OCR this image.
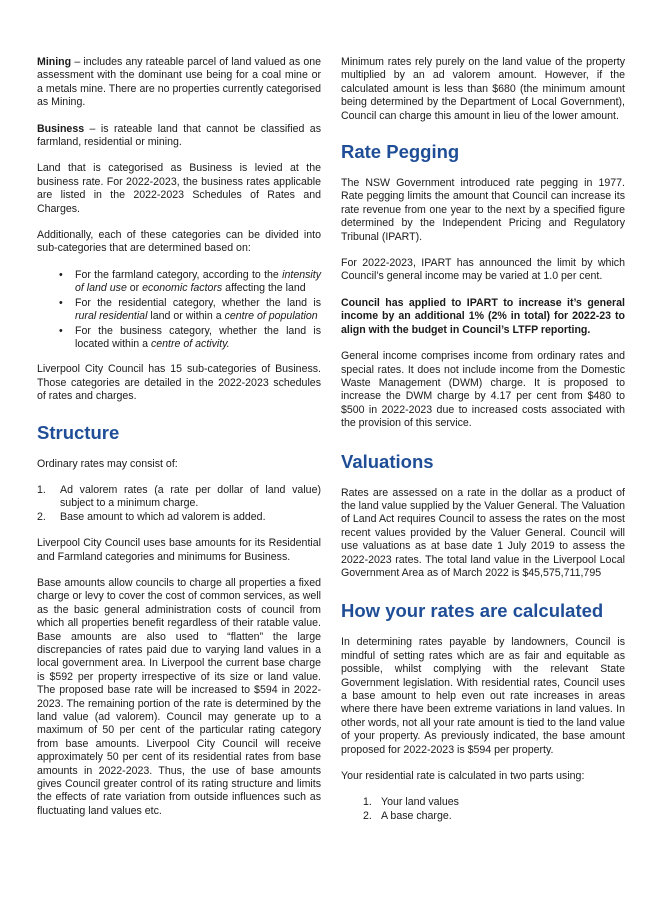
Mining – includes any rateable parcel of land valued as one assessment with the dominant use being for a coal mine or a metals mine. There are no properties currently categorised as Mining.

Business – is rateable land that cannot be classified as farmland, residential or mining.

Land that is categorised as Business is levied at the business rate. For 2022-2023, the business rates applicable are listed in the 2022-2023 Schedules of Rates and Charges.

Additionally, each of these categories can be divided into sub-categories that are determined based on:

• For the farmland category, according to the intensity of land use or economic factors affecting the land
• For the residential category, whether the land is rural residential land or within a centre of population
• For the business category, whether the land is located within a centre of activity.

Liverpool City Council has 15 sub-categories of Business. Those categories are detailed in the 2022-2023 schedules of rates and charges.

Structure

Ordinary rates may consist of:

1. Ad valorem rates (a rate per dollar of land value) subject to a minimum charge.
2. Base amount to which ad valorem is added.

Liverpool City Council uses base amounts for its Residential and Farmland categories and minimums for Business.

Base amounts allow councils to charge all properties a fixed charge or levy to cover the cost of common services, as well as the basic general administration costs of council from which all properties benefit regardless of their ratable value. Base amounts are also used to “flatten” the large discrepancies of rates paid due to varying land values in a local government area. In Liverpool the current base charge is $592 per property irrespective of its size or land value. The proposed base rate will be increased to $594 in 2022-2023. The remaining portion of the rate is determined by the land value (ad valorem). Council may generate up to a maximum of 50 per cent of the particular rating category from base amounts. Liverpool City Council will receive approximately 50 per cent of its residential rates from base amounts in 2022-2023. Thus, the use of base amounts gives Council greater control of its rating structure and limits the effects of rate variation from outside influences such as fluctuating land values etc.

Minimum rates rely purely on the land value of the property multiplied by an ad valorem amount. However, if the calculated amount is less than $680 (the minimum amount being determined by the Department of Local Government), Council can charge this amount in lieu of the lower amount.

Rate Pegging

The NSW Government introduced rate pegging in 1977. Rate pegging limits the amount that Council can increase its rate revenue from one year to the next by a specified figure determined by the Independent Pricing and Regulatory Tribunal (IPART).

For 2022-2023, IPART has announced the limit by which Council’s general income may be varied at 1.0 per cent.

Council has applied to IPART to increase it’s general income by an additional 1% (2% in total) for 2022-23 to align with the budget in Council’s LTFP reporting.

General income comprises income from ordinary rates and special rates. It does not include income from the Domestic Waste Management (DWM) charge. It is proposed to increase the DWM charge by 4.17 per cent from $480 to $500 in 2022-2023 due to increased costs associated with the provision of this service.

Valuations

Rates are assessed on a rate in the dollar as a product of the land value supplied by the Valuer General. The Valuation of Land Act requires Council to assess the rates on the most recent values provided by the Valuer General. Council will use valuations as at base date 1 July 2019 to assess the 2022-2023 rates. The total land value in the Liverpool Local Government Area as of March 2022 is $45,575,711,795

How your rates are calculated

In determining rates payable by landowners, Council is mindful of setting rates which are as fair and equitable as possible, whilst complying with the relevant State Government legislation. With residential rates, Council uses a base amount to help even out rate increases in areas where there have been extreme variations in land values. In other words, not all your rate amount is tied to the land value of your property. As previously indicated, the base amount proposed for 2022-2023 is $594 per property.

Your residential rate is calculated in two parts using:

1. Your land values
2. A base charge.
